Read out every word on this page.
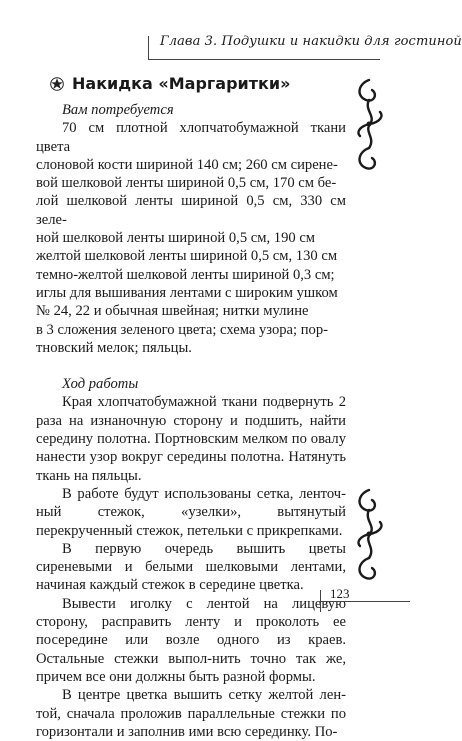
Глава 3. Подушки и накидки для гостиной
Накидка «Маргаритки»

Вам потребуется

70 см плотной хлопчатобумажной ткани цвета

слоновой кости шириной 140 см; 260 см сирене-

вой шелковой ленты шириной 0,5 см, 170 см бе-

лой шелковой ленты шириной 0,5 см, 330 см зеле-

ной шелковой ленты шириной 0,5 см, 190 см

желтой шелковой ленты шириной 0,5 см, 130 см

темно-желтой шелковой ленты шириной 0,3 см;

иглы для вышивания лентами с широким ушком

№ 24, 22 и обычная швейная; нитки мулине

в 3 сложения зеленого цвета; схема узора; пор-

тновский мелок; пяльцы.

Ход работы

Края хлопчатобумажной ткани подвернуть 2 раза на изнаночную сторону и подшить, найти середину полотна. Портновским мелком по овалу нанести узор вокруг середины полотна. Натянуть ткань на пяльцы.

В работе будут использованы сетка, ленточ-ный стежок, «узелки», вытянутый перекрученный стежок, петельки с прикрепками.

В первую очередь вышить цветы сиреневыми и белыми шелковыми лентами, начиная каждый стежок в середине цветка.

Вывести иголку с лентой на лицевую сторону, расправить ленту и проколоть ее посередине или возле одного из краев. Остальные стежки выпол-нить точно так же, причем все они должны быть разной формы.

В центре цветка вышить сетку желтой лен-той, сначала проложив параллельные стежки по горизонтали и заполнив ими всю серединку. По-

123
